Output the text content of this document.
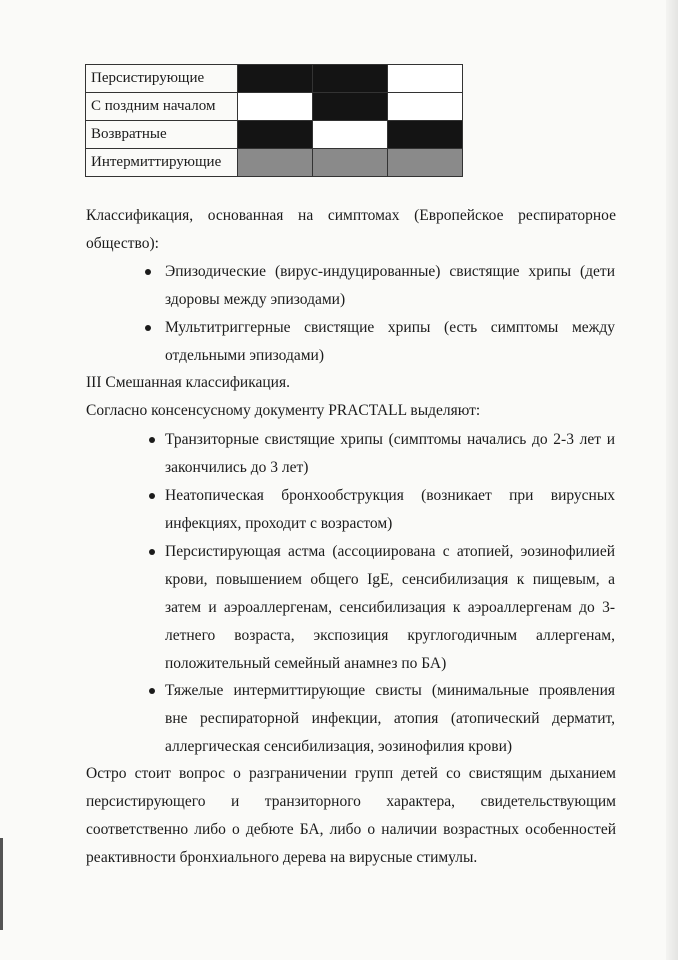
Персистирующие			
С поздним началом			
Возвратные			
Интермиттирующие			
Классификация, основанная на симптомах (Европейское респираторное
общество):
Эпизодические (вирус-индуцированные) свистящие хрипы (дети
здоровы между эпизодами)
Мультитриггерные свистящие хрипы (есть симптомы между
отдельными эпизодами)
III Смешанная классификация.
Согласно консенсусному документу PRACTALL выделяют:
Транзиторные свистящие хрипы (симптомы начались до 2-3 лет и
закончились до 3 лет)
Неатопическая бронхообструкция (возникает при вирусных
инфекциях, проходит с возрастом)
Персистирующая астма (ассоциирована с атопией, эозинофилией
крови, повышением общего IgE, сенсибилизация к пищевым, а
затем и аэроаллергенам, сенсибилизация к аэроаллергенам до 3-
летнего возраста, экспозиция круглогодичным аллергенам,
положительный семейный анамнез по БА)
Тяжелые интермиттирующие свисты (минимальные проявления
вне респираторной инфекции, атопия (атопический дерматит,
аллергическая сенсибилизация, эозинофилия крови)
Остро стоит вопрос о разграничении групп детей со свистящим дыханием
персистирующего и транзиторного характера, свидетельствующим
соответственно либо о дебюте БА, либо о наличии возрастных особенностей
реактивности бронхиального дерева на вирусные стимулы.
